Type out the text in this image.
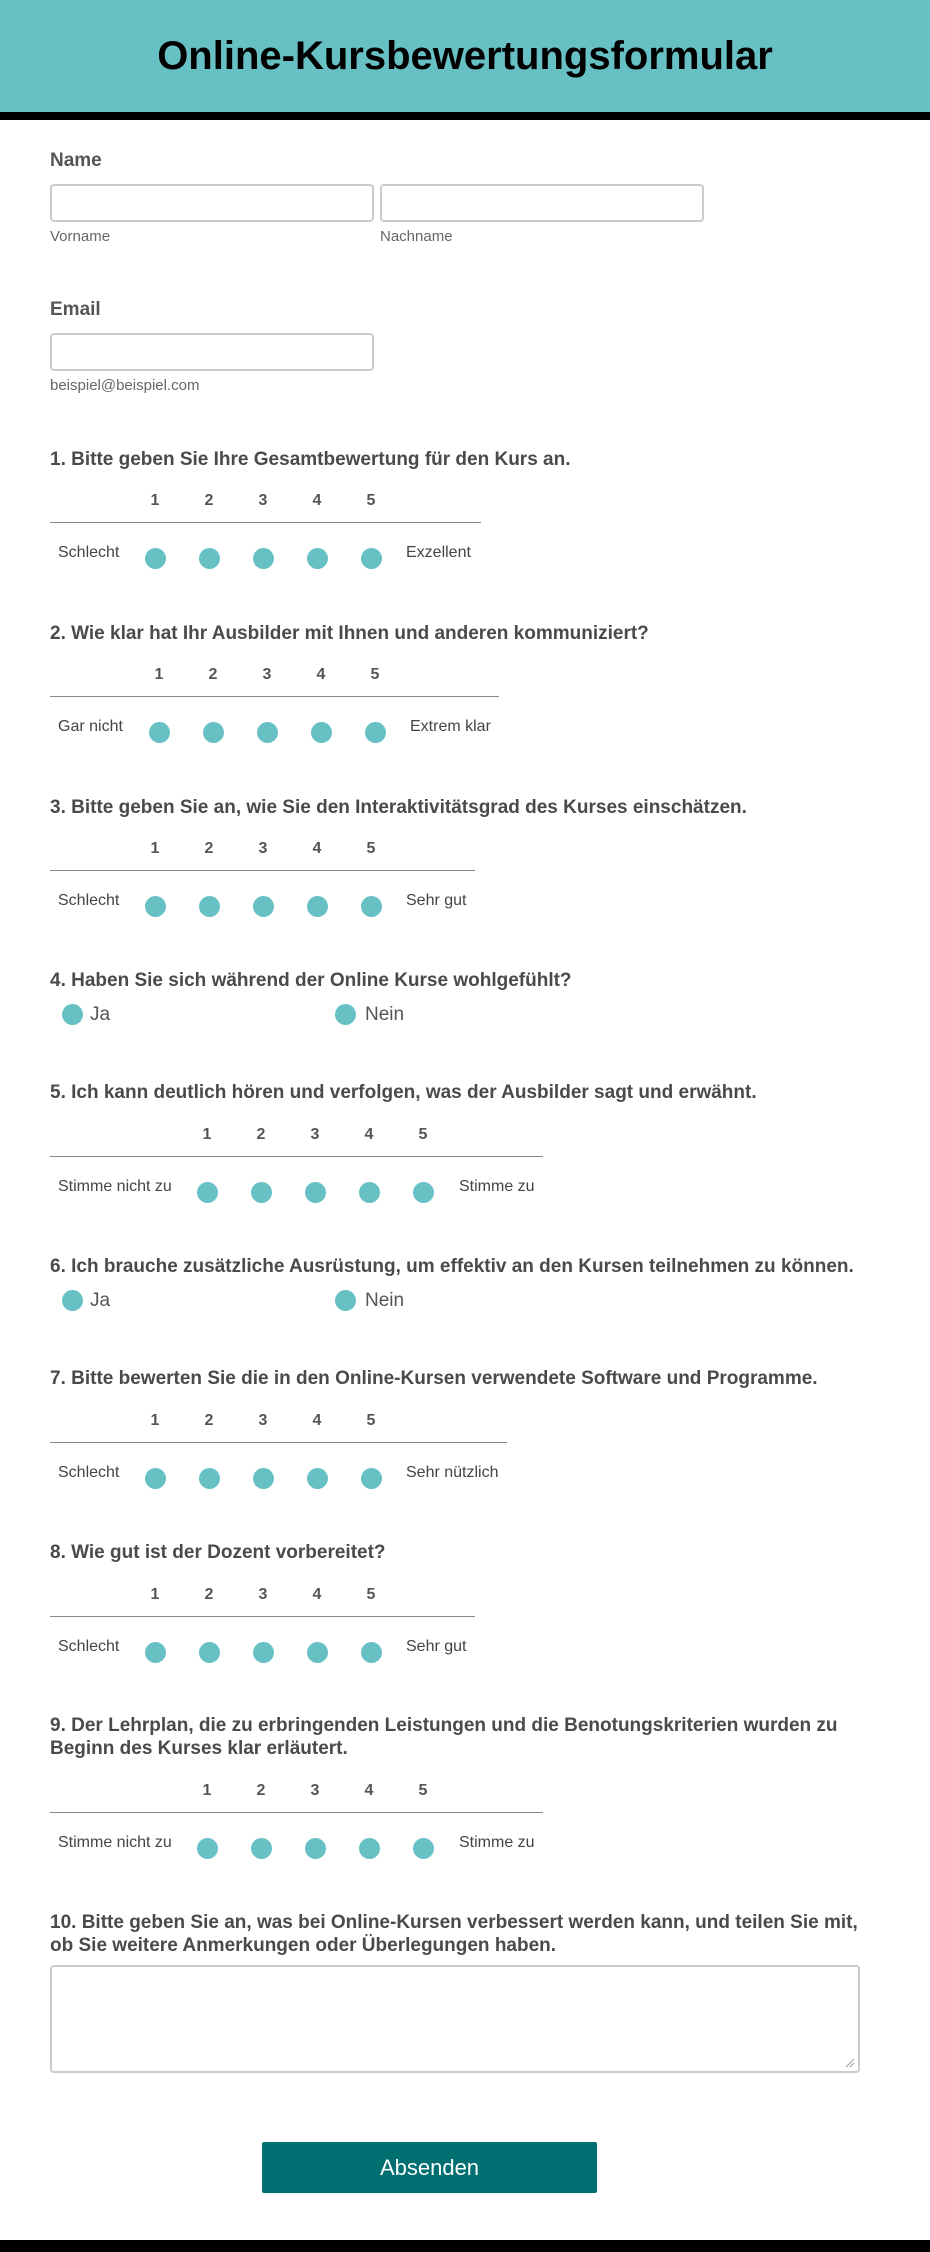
Online-Kursbewertungsformular
Name
Vorname	Nachname
Email
beispiel@beispiel.com
1. Bitte geben Sie Ihre Gesamtbewertung für den Kurs an.
Schlecht	Exzellent
1	2	3	4	5
2. Wie klar hat Ihr Ausbilder mit Ihnen und anderen kommuniziert?
Gar nicht	Extrem klar
1	2	3	4	5
3. Bitte geben Sie an, wie Sie den Interaktivitätsgrad des Kurses einschätzen.
Schlecht	Sehr gut
1	2	3	4	5
4. Haben Sie sich während der Online Kurse wohlgefühlt?
Ja	Nein
5. Ich kann deutlich hören und verfolgen, was der Ausbilder sagt und erwähnt.
Stimme nicht zu	Stimme zu
1	2	3	4	5
6. Ich brauche zusätzliche Ausrüstung, um effektiv an den Kursen teilnehmen zu können.
Ja	Nein
7. Bitte bewerten Sie die in den Online-Kursen verwendete Software und Programme.
Schlecht	Sehr nützlich
1	2	3	4	5
8. Wie gut ist der Dozent vorbereitet?
Schlecht	Sehr gut
1	2	3	4	5
9. Der Lehrplan, die zu erbringenden Leistungen und die Benotungskriterien wurden zu Beginn des Kurses klar erläutert.
Stimme nicht zu	Stimme zu
1	2	3	4	5
10. Bitte geben Sie an, was bei Online-Kursen verbessert werden kann, und teilen Sie mit, ob Sie weitere Anmerkungen oder Überlegungen haben.
Absenden
